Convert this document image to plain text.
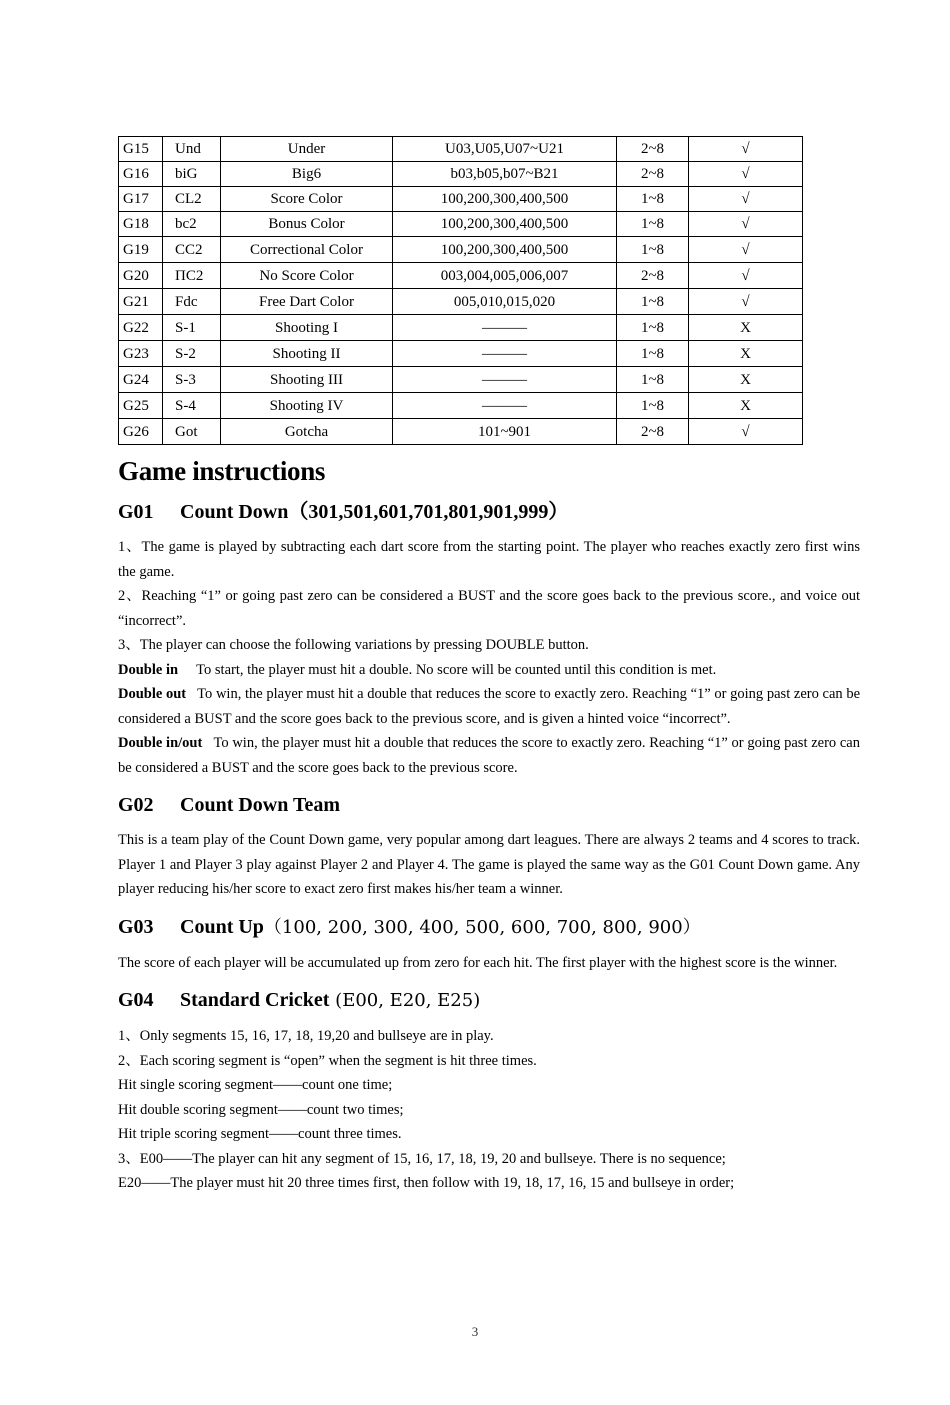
G15	Und	Under	U03,U05,U07~U21	2~8	√
G16	biG	Big6	b03,b05,b07~B21	2~8	√
G17	CL2	Score Color	100,200,300,400,500	1~8	√
G18	bc2	Bonus Color	100,200,300,400,500	1~8	√
G19	CC2	Correctional Color	100,200,300,400,500	1~8	√
G20	ΠC2	No Score Color	003,004,005,006,007	2~8	√
G21	Fdc	Free Dart Color	005,010,015,020	1~8	√
G22	S-1	Shooting I	———	1~8	X
G23	S-2	Shooting II	———	1~8	X
G24	S-3	Shooting III	———	1~8	X
G25	S-4	Shooting IV	———	1~8	X
G26	Got	Gotcha	101~901	2~8	√
Game instructions
G01 Count Down（301,501,601,701,801,901,999）

1、The game is played by subtracting each dart score from the starting point. The player who reaches exactly zero first wins the game.

2、Reaching “1” or going past zero can be considered a BUST and the score goes back to the previous score., and voice out “incorrect”.

3、The player can choose the following variations by pressing DOUBLE button.

Double in To start, the player must hit a double. No score will be counted until this condition is met.

Double out To win, the player must hit a double that reduces the score to exactly zero. Reaching “1” or going past zero can be considered a BUST and the score goes back to the previous score, and is given a hinted voice “incorrect”.

Double in/out To win, the player must hit a double that reduces the score to exactly zero. Reaching “1” or going past zero can be considered a BUST and the score goes back to the previous score.

G02 Count Down Team

This is a team play of the Count Down game, very popular among dart leagues. There are always 2 teams and 4 scores to track. Player 1 and Player 3 play against Player 2 and Player 4. The game is played the same way as the G01 Count Down game. Any player reducing his/her score to exact zero first makes his/her team a winner.

G03 Count Up（100, 200, 300, 400, 500, 600, 700, 800, 900）

The score of each player will be accumulated up from zero for each hit. The first player with the highest score is the winner.

G04 Standard Cricket (E00, E20, E25)

1、Only segments 15, 16, 17, 18, 19,20 and bullseye are in play.

2、Each scoring segment is “open” when the segment is hit three times.

Hit single scoring segment——count one time;

Hit double scoring segment——count two times;

Hit triple scoring segment——count three times.

3、E00——The player can hit any segment of 15, 16, 17, 18, 19, 20 and bullseye. There is no sequence;

E20——The player must hit 20 three times first, then follow with 19, 18, 17, 16, 15 and bullseye in order;

3
